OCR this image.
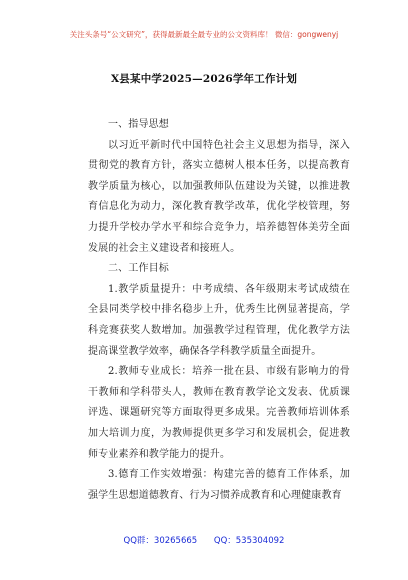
关注头条号“公文研究”，获得最新最全最专业的公文资料库！ 微信：gongwenyj
X县某中学2025—2026学年工作计划

一、指导思想

以习近平新时代中国特色社会主义思想为指导，深入贯彻党的教育方针，落实立德树人根本任务，以提高教育教学质量为核心，以加强教师队伍建设为关键，以推进教育信息化为动力，深化教育教学改革，优化学校管理，努力提升学校办学水平和综合竞争力，培养德智体美劳全面发展的社会主义建设者和接班人。

二、工作目标

1.教学质量提升：中考成绩、各年级期末考试成绩在全县同类学校中排名稳步上升，优秀生比例显著提高，学科竞赛获奖人数增加。加强教学过程管理，优化教学方法提高课堂教学效率，确保各学科教学质量全面提升。

2.教师专业成长：培养一批在县、市级有影响力的骨干教师和学科带头人，教师在教育教学论文发表、优质课评选、课题研究等方面取得更多成果。完善教师培训体系加大培训力度，为教师提供更多学习和发展机会，促进教师专业素养和教学能力的提升。

3.德育工作实效增强：构建完善的德育工作体系，加强学生思想道德教育、行为习惯养成教育和心理健康教育

QQ群：30265665 QQ：535304092
